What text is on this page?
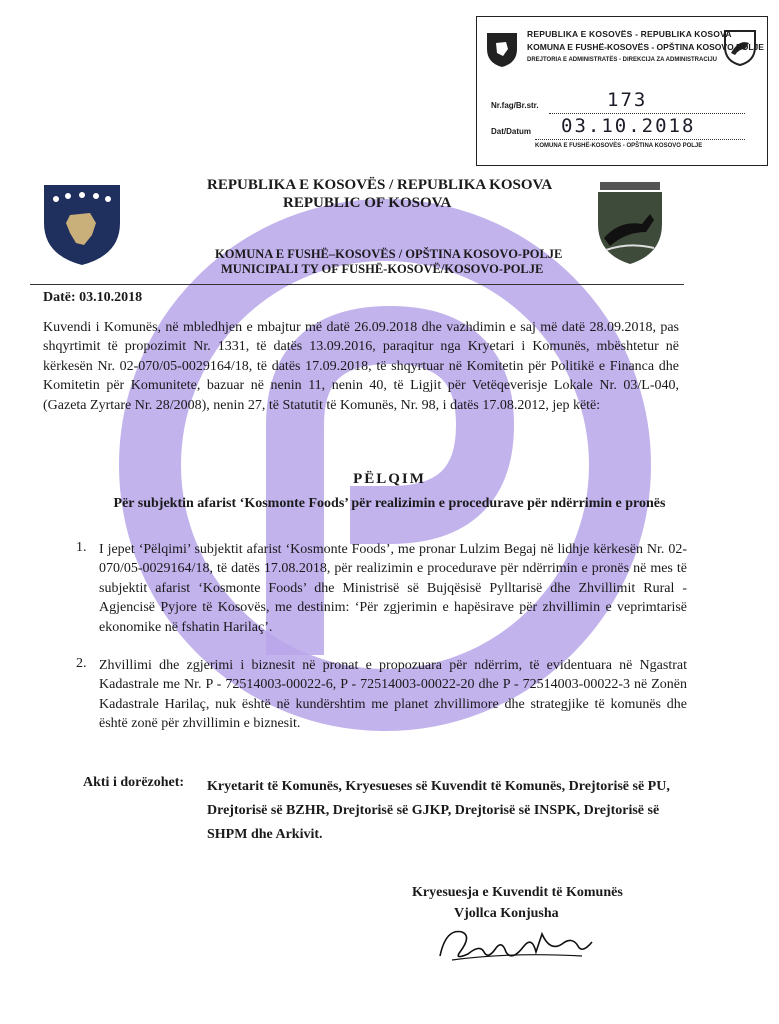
REPUBLIKA E KOSOVËS - REPUBLIKA KOSOVA
KOMUNA E FUSHË-KOSOVËS - OPŠTINA KOSOVO POLJE
DREJTORIA E ADMINISTRATËS - DIREKCIJA ZA ADMINISTRACIJU
Nr.fag/Br.str.	173
Dat/Datum 03.10.2018
KOMUNA E FUSHË-KOSOVËS - OPŠTINA KOSOVO POLJE
REPUBLIKA E KOSOVËS / REPUBLIKA KOSOVA
REPUBLIC OF KOSOVA
KOMUNA E FUSHË–KOSOVËS / OPŠTINA KOSOVO-POLJE
MUNICIPALI TY OF FUSHË-KOSOVË/KOSOVO-POLJE
Datë: 03.10.2018

Kuvendi i Komunës, në mbledhjen e mbajtur më datë 26.09.2018 dhe vazhdimin e saj më datë 28.09.2018, pas shqyrtimit të propozimit Nr. 1331, të datës 13.09.2016, paraqitur nga Kryetari i Komunës, mbështetur në kërkesën Nr. 02-070/05-0029164/18, të datës 17.09.2018, të shqyrtuar në Komitetin për Politikë e Financa dhe Komitetin për Komunitete, bazuar në nenin 11, nenin 40, të Ligjit për Vetëqeverisje Lokale Nr. 03/L-040, (Gazeta Zyrtare Nr. 28/2008), nenin 27, të Statutit të Komunës, Nr. 98, i datës 17.08.2012, jep këtë:

PËLQIM
Për subjektin afarist ‘Kosmonte Foods’ për realizimin e procedurave për ndërrimin e pronës
1. I jepet ‘Pëlqimi’ subjektit afarist ‘Kosmonte Foods’, me pronar Lulzim Begaj në lidhje kërkesën Nr. 02-070/05-0029164/18, të datës 17.08.2018, për realizimin e procedurave për ndërrimin e pronës në mes të subjektit afarist ‘Kosmonte Foods’ dhe Ministrisë së Bujqësisë Pylltarisë dhe Zhvillimit Rural - Agjencisë Pyjore të Kosovës, me destinim: ‘Për zgjerimin e hapësirave për zhvillimin e veprimtarisë ekonomike në fshatin Harilaç’.

2. Zhvillimi dhe zgjerimi i biznesit në pronat e propozuara për ndërrim, të evidentuara në Ngastrat Kadastrale me Nr. P - 72514003-00022-6, P - 72514003-00022-20 dhe P - 72514003-00022-3 në Zonën Kadastrale Harilaç, nuk është në kundërshtim me planet zhvillimore dhe strategjike të komunës dhe është zonë për zhvillimin e biznesit.

Akti i dorëzohet: Kryetarit të Komunës, Kryesueses së Kuvendit të Komunës, Drejtorisë së PU, Drejtorisë së BZHR, Drejtorisë së GJKP, Drejtorisë së INSPK, Drejtorisë së SHPM dhe Arkivit.

Kryesuesja e Kuvendit të Komunës
Vjollca Konjusha
